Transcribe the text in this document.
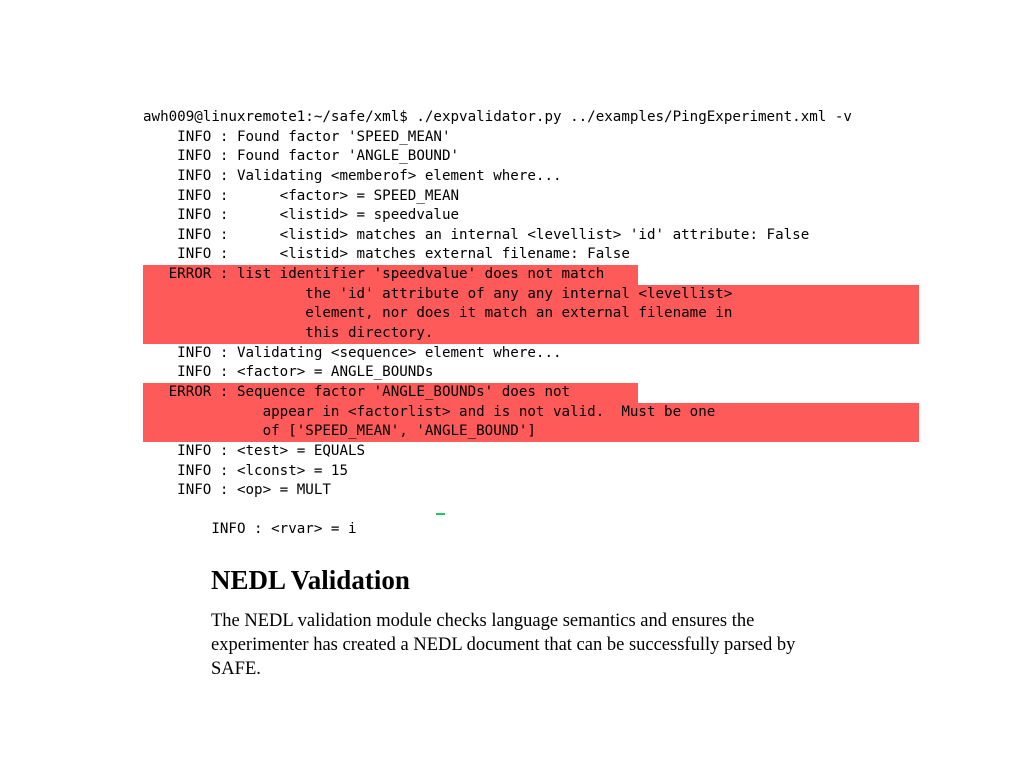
awh009@linuxremote1:~/safe/xml$ ./expvalidator.py ../examples/PingExperiment.xml -v
INFO : Found factor 'SPEED_MEAN'
INFO : Found factor 'ANGLE_BOUND'
INFO : Validating <memberof> element where...
INFO :      <factor> = SPEED_MEAN
INFO :      <listid> = speedvalue
INFO :      <listid> matches an internal <levellist> 'id' attribute: False
INFO :      <listid> matches external filename: False
ERROR : list identifier 'speedvalue' does not match
the 'id' attribute of any any internal <levellist>
element, nor does it match an external filename in
this directory.
INFO : Validating <sequence> element where...
INFO : <factor> = ANGLE_BOUNDs
ERROR : Sequence factor 'ANGLE_BOUNDs' does not
appear in <factorlist> and is not valid.  Must be one
of ['SPEED_MEAN', 'ANGLE_BOUND']
INFO : <test> = EQUALS
INFO : <lconst> = 15
INFO : <op> = MULT

INFO : <rvar> = i

NEDL Validation

The NEDL validation module checks language semantics and ensures the experimenter has created a NEDL document that can be successfully parsed by SAFE.
